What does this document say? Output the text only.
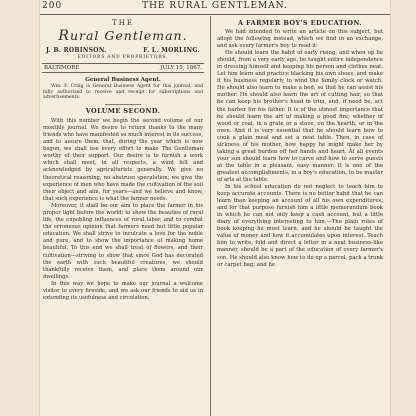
200	THE RURAL GENTLEMAN.
THE
Rural Gentleman.
J. B. ROBINSON.	F. L. MORLING.
EDITORS AND PROPRIETORS.
BALTIMORE	JULY 15, 1867.
General Business Agent.
Wm. F. Craig is General Business Agent for this journal, and fully authorized to receive and receipt for subscriptions and advertisements.
VOLUME SECOND.

With this number we begin the second volume of our monthly journal. We desire to return thanks to the many friends who have manifested so much interest in its success, and to assure them, that, during the year which is now begun, we shall use every effort to make The Gentleman worthy of their support. Our desire is to furnish a work which shall meet, in all respects, a want felt and acknowledged by agriculturists generally. We give no theoretical reasoning, no abstruse speculation; we give the experience of men who have made the cultivation of the soil their object and aim, for years—and we believe and know, that such experience is what the farmer needs.

Moreover, it shall be our aim to place the farmer in his proper light before the world; to show the beauties of rural life, the ennobling influences of rural labor, and to combat the erroneous opinion that farmers need but little popular education. We shall strive to inculcate a love for the noble and pure, and to show the importance of making home beautiful. To this end we shall treat of flowers, and their cultivation—striving to show that since God has decorated the earth with such beautiful creatures, we should thankfully receive them, and place them around our dwellings.

In this way we hope to make our journal a welcome visitor to every fireside, and we ask our friends to aid us in extending its usefulness and circulation.

A FARMER BOY'S EDUCATION.

We had intended to write an article on this subject, but adopt the following instead, which we find in an exchange, and ask every farmer's boy to read it:

He should learn the habit of early rising, and when up he should, from a very early age, be taught entire independence in dressing himself and keeping his person and clothes neat. Let him learn and practice blacking his own shoes, and make it his business regularly to wind the family clock or watch. He should also learn to make a bed, so that he can assist his mother. He should also learn the art of cutting hair, so that he can keep his brother's head in trim, and, if need be, act the barber for his father. It is of the utmost importance that he should learn the art of making a good fire, whether of wood or coal, in a grate or a stove, on the hearth, or in the oven. And it is very essential that he should learn how to cook a plain meal and set a neat table. Then, in case of sickness of his mother, how happy he might make her by taking a great burden off her hands and heart. At all events your son should learn how to carve and how to serve guests at the table in a pleasant, easy manner. It is one of the greatest accomplishments, in a boy's education, to be master of arts at the table.

In his school education do not neglect to teach him to keep accurate accounts. There is no better habit that he can learn than keeping an account of all his own expenditures; and for that purpose furnish him a little memorandum book in which he can not only keep a cash account, but a little diary of everything interesting to him.—The plain rules of book keeping he must learn, and he should be taught the value of money and how it accumulates upon interest. Teach him to write, fold and direct a letter in a neat business-like manner, should be a part of the education of every farmer's son. He should also know how to do up a parcel, pack a trunk or carpet bag; and he
